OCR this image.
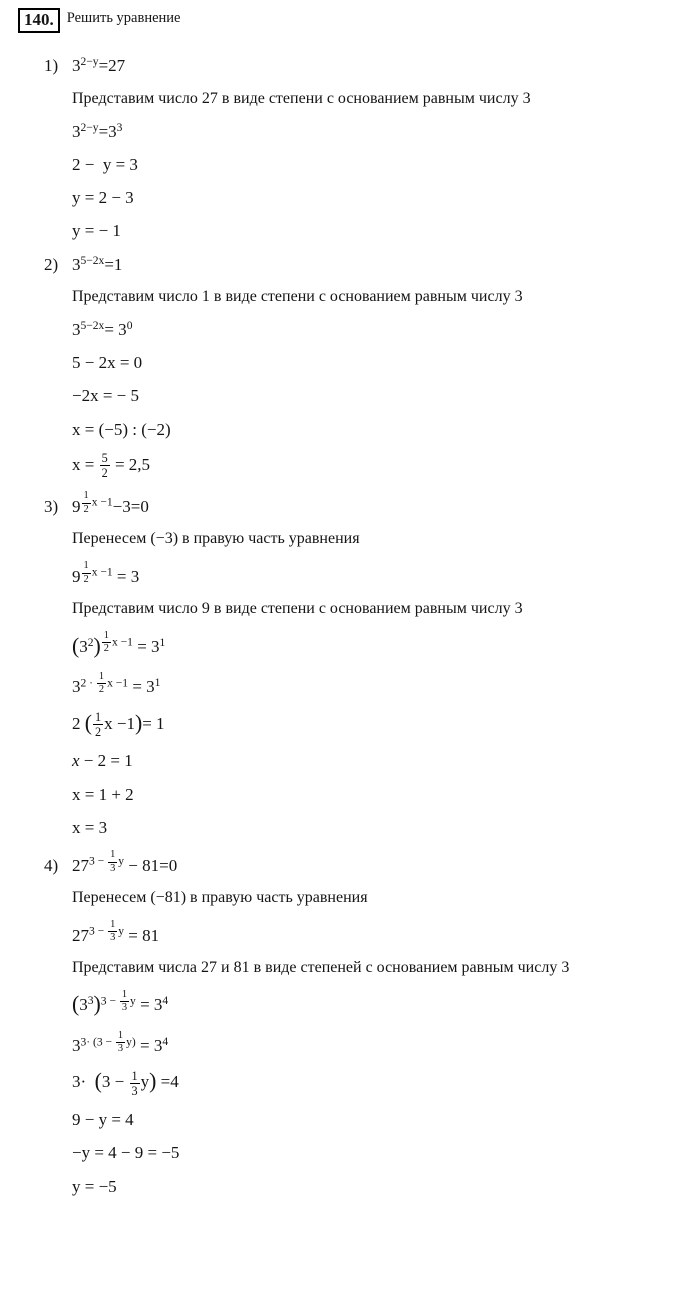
140. Решить уравнение
1) 32−y=27
Представим число 27 в виде степени с основанием равным числу 3
32−y=33
2 −  y = 3
y = 2 − 3
y = − 1
2) 35−2x=1
Представим число 1 в виде степени с основанием равным числу 3
35−2x= 30
5 − 2x = 0
−2x = − 5
x = (−5) : (−2)
$x = \frac{5}{2} = 2,5$
3) $9 \frac{1}{2}$ x −1−3=0
Перенесем (−3) в правую часть уравнения
$9 \frac{1}{2}$ x −1 = 3
Представим число 9 в виде степени с основанием равным числу 3
$(32) \frac{1}{2}$ x −1 = 31
$32 \cdot \frac{1}{2}$ x −1 = 31
2 ( $\frac{1}{2}$ x −1)= 1
x − 2 = 1
x = 1 + 2
x = 3
4) $273 - \frac{1}{3}$ y − 81=0
Перенесем (−81) в правую часть уравнения
$273 - \frac{1}{3}$ y = 81
Представим числа 27 и 81 в виде степеней с основанием равным числу 3
$(33)3 - \frac{1}{3}$ y = 34
$33\cdot (3 - \frac{1}{3} y) = 34$
$3\cdot (3 - \frac{1}{3} y) =4$
9 − y = 4
−y = 4 − 9 = −5
y = −5
